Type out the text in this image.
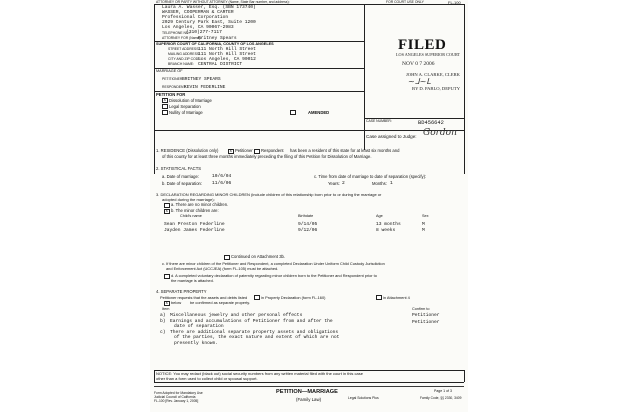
ATTORNEY OR PARTY WITHOUT ATTORNEY (Name, State Bar number, and address):	FOR COURT USE ONLY	FL-100
Laura A. Wasser, Esq. (SBN 173740)
WASSER, COOPERMAN & CARTER
Professional Corporation
2029 Century Park East, Suite 1200
Los Angeles, CA 90067-2983
TELEPHONE NO.:
(310)277-7117
ATTORNEY FOR (Name):
Britney Spears
SUPERIOR COURT OF CALIFORNIA, COUNTY OF LOS ANGELES
STREET ADDRESS:
111 North Hill Street
MAILING ADDRESS:
111 North Hill Street
CITY AND ZIP CODE:
Los Angeles, CA 90012
BRANCH NAME: CENTRAL DISTRICT
MARRIAGE OF
PETITIONER:
BRITNEY SPEARS
RESPONDENT:
KEVIN FEDERLINE
PETITION FOR
x
Dissolution of Marriage
Legal Separation
Nullity of Marriage	AMENDED
CASE NUMBER:	BD456642
FILED
LOS ANGELES SUPERIOR COURT
NOV 0 7 2006
JOHN A. CLARKE, CLERK
~ᒧ~ᒪ
BY D. PABLO, DEPUTY
Case assigned to Judge: Gordon
1. RESIDENCE (Dissolution only)
x	Petitioner Respondent has been a resident of this state for at least six months and
of this county for at least three months immediately preceding the filing of this Petition for Dissolution of Marriage.
2. STATISTICAL FACTS
a. Date of marriage:	10/6/04
b. Date of separation: 11/6/06
c. Time from date of marriage to date of separation (specify):
Years: 2	Months: 1
3. DECLARATION REGARDING MINOR CHILDREN (include children of this relationship born prior to or during the marriage or
adopted during the marriage):
a. There are no minor children.
x
b. The minor children are:
Child's name	Birthdate	Age	Sex
Sean Preston Federline	9/14/05	13 months	M
Jayden James Federline	9/12/06	8 weeks	M
Continued on Attachment 3b.
c. If there are minor children of the Petitioner and Respondent, a completed Declaration Under Uniform Child Custody Jurisdiction
and Enforcement Act (UCCJEA) (form FL-105) must be attached.
d. A completed voluntary declaration of paternity regarding minor children born to the Petitioner and Respondent prior to
the marriage is attached.
4. SEPARATE PROPERTY
Petitioner requests that the assets and debts listed	in Property Declaration (form FL-160)	in Attachment 4
x
below be confirmed as separate property.
Item	Confirm to
a) Miscellaneous jewelry and other personal effects	Petitioner
b) Earnings and accumulations of Petitioner from and after the	Petitioner
date of separation
c) There are additional separate property assets and obligations
of the parties, the exact nature and extent of which are not
presently known.
NOTICE: You may redact (black out) social security numbers from any written material filed with the court in this case
other than a form used to collect child or spousal support.
Form Adopted for Mandatory Use
Judicial Council of California
FL-100 [Rev. January 1, 2005]
PETITION—MARRIAGE
(Family Law)	Legal Solutions Plus
Page 1 of 3
Family Code, §§ 2330, 3409
